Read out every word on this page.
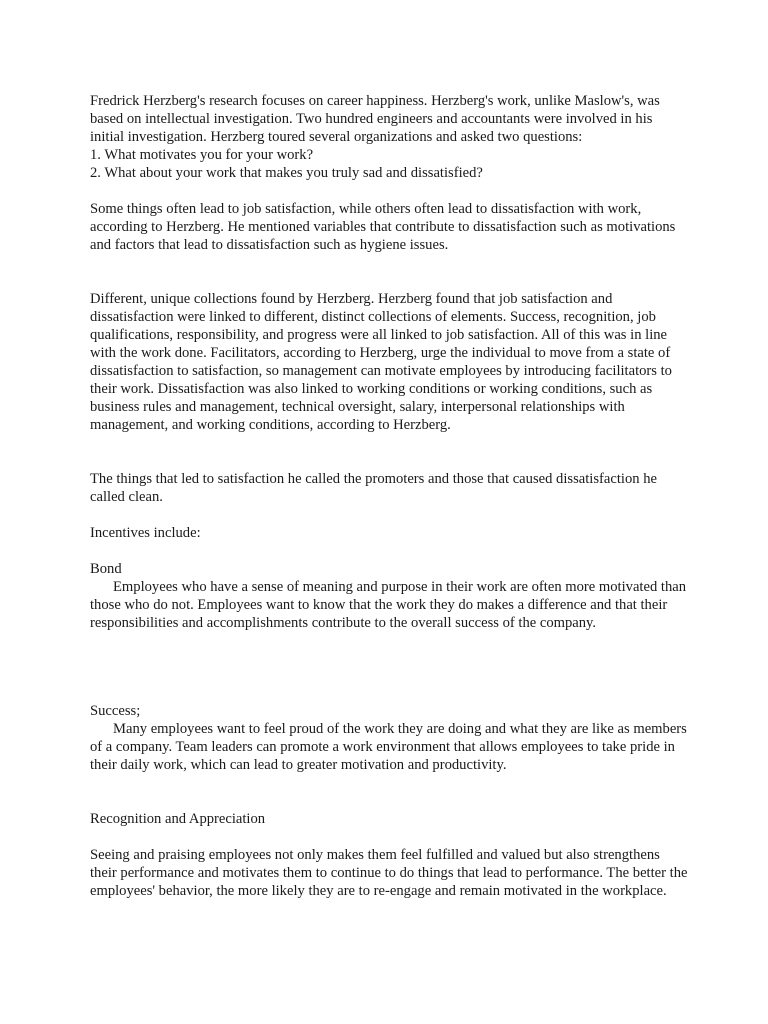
Fredrick Herzberg's research focuses on career happiness. Herzberg's work, unlike Maslow's, was based on intellectual investigation. Two hundred engineers and accountants were involved in his initial investigation. Herzberg toured several organizations and asked two questions:

1. What motivates you for your work?

2. What about your work that makes you truly sad and dissatisfied?

Some things often lead to job satisfaction, while others often lead to dissatisfaction with work, according to Herzberg. He mentioned variables that contribute to dissatisfaction such as motivations and factors that lead to dissatisfaction such as hygiene issues.

Different, unique collections found by Herzberg. Herzberg found that job satisfaction and dissatisfaction were linked to different, distinct collections of elements. Success, recognition, job qualifications, responsibility, and progress were all linked to job satisfaction. All of this was in line with the work done. Facilitators, according to Herzberg, urge the individual to move from a state of dissatisfaction to satisfaction, so management can motivate employees by introducing facilitators to their work. Dissatisfaction was also linked to working conditions or working conditions, such as business rules and management, technical oversight, salary, interpersonal relationships with management, and working conditions, according to Herzberg.

The things that led to satisfaction he called the promoters and those that caused dissatisfaction he called clean.

Incentives include:

Bond

Employees who have a sense of meaning and purpose in their work are often more motivated than those who do not. Employees want to know that the work they do makes a difference and that their responsibilities and accomplishments contribute to the overall success of the company.

Success;

Many employees want to feel proud of the work they are doing and what they are like as members of a company. Team leaders can promote a work environment that allows employees to take pride in their daily work, which can lead to greater motivation and productivity.

Recognition and Appreciation

Seeing and praising employees not only makes them feel fulfilled and valued but also strengthens their performance and motivates them to continue to do things that lead to performance. The better the employees' behavior, the more likely they are to re-engage and remain motivated in the workplace.
